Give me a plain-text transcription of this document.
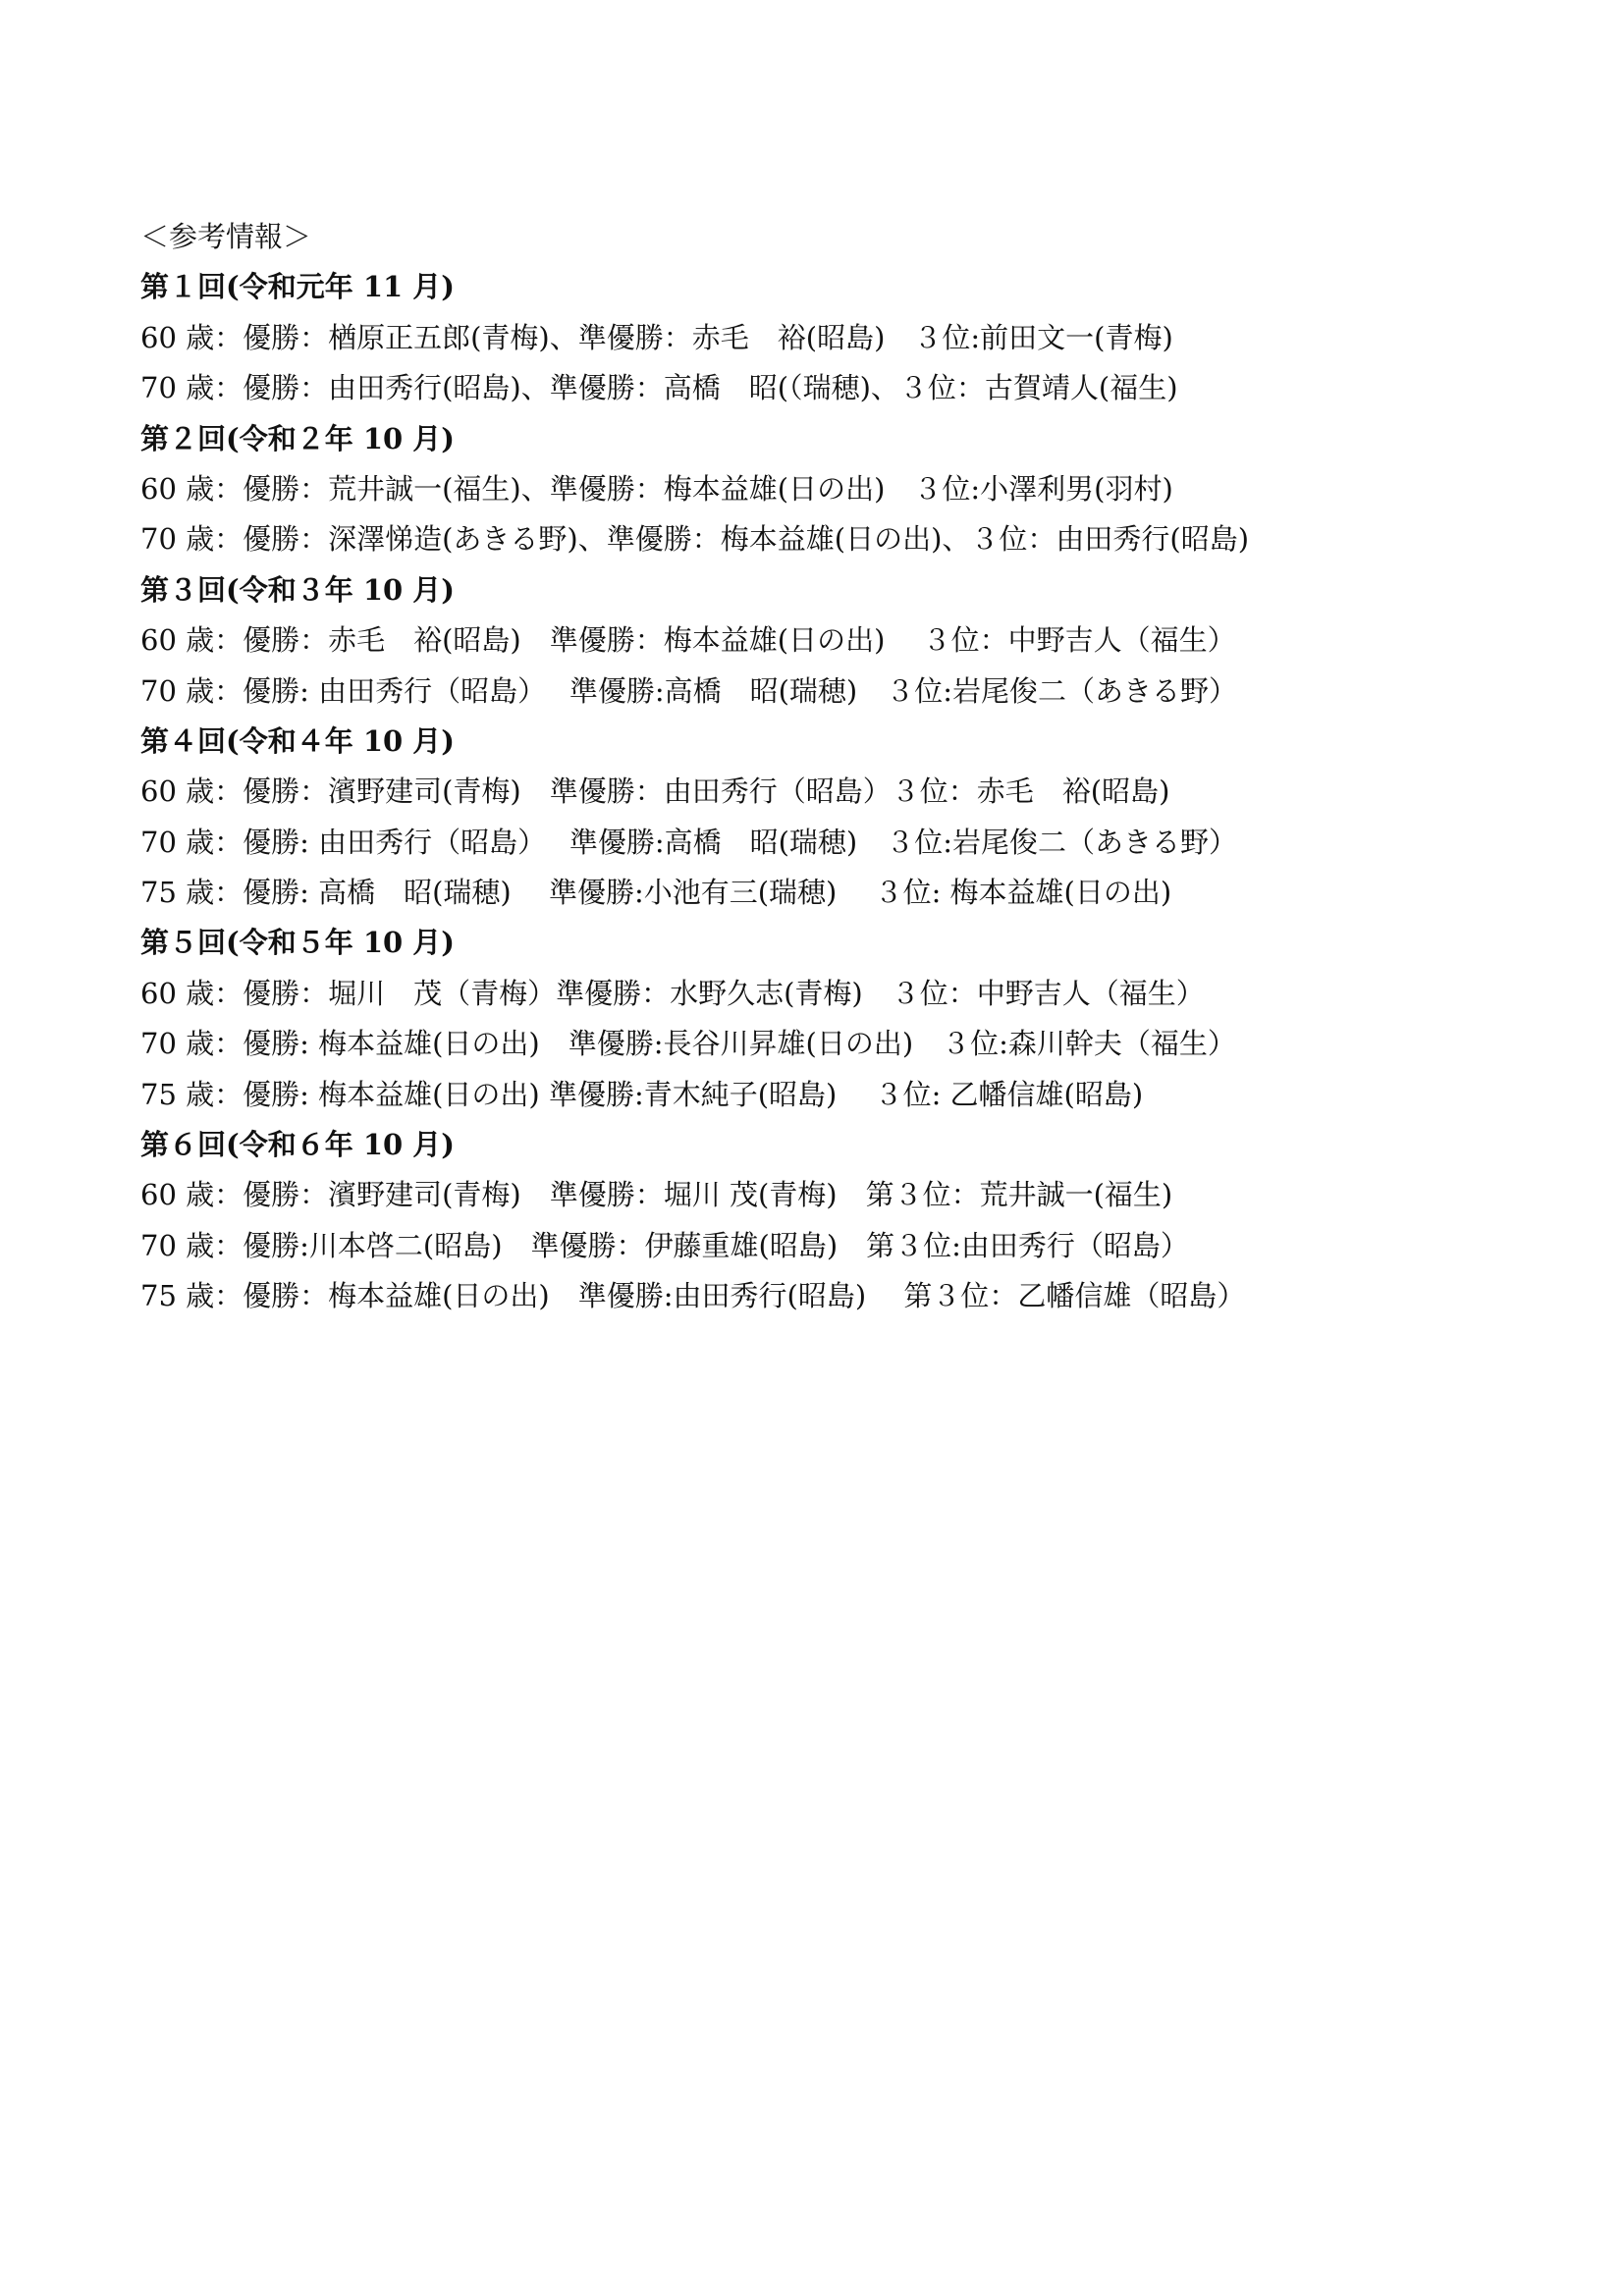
＜参考情報＞
第１回(令和元年 11 月)
60 歳：優勝：楢原正五郎(青梅)、準優勝：赤毛　裕(昭島)　３位:前田文一(青梅)
70 歳：優勝：由田秀行(昭島)、準優勝：高橋　昭(（瑞穂)、３位：古賀靖人(福生)
第２回(令和２年 10 月)
60 歳：優勝：荒井誠一(福生)、準優勝：梅本益雄(日の出)　３位:小澤利男(羽村)
70 歳：優勝：深澤悌造(あきる野)、準優勝：梅本益雄(日の出)、３位：由田秀行(昭島)
第３回(令和３年 10 月)
60 歳：優勝：赤毛　裕(昭島)　準優勝：梅本益雄(日の出)　 ３位：中野吉人（福生）
70 歳：優勝: 由田秀行（昭島）　 準優勝:高橋　昭(瑞穂)　３位:岩尾俊二（あきる野）
第４回(令和４年 10 月)
60 歳：優勝：濱野建司(青梅)　準優勝：由田秀行（昭島）３位：赤毛　裕(昭島)
70 歳：優勝: 由田秀行（昭島）　 準優勝:高橋　昭(瑞穂)　３位:岩尾俊二（あきる野）
75 歳：優勝: 高橋　昭(瑞穂)　 準優勝:小池有三(瑞穂)　 ３位: 梅本益雄(日の出)
第５回(令和５年 10 月)
60 歳：優勝：堀川　茂（青梅）準優勝：水野久志(青梅)　３位：中野吉人（福生）
70 歳：優勝: 梅本益雄(日の出)　準優勝:長谷川昇雄(日の出)　３位:森川幹夫（福生）
75 歳：優勝: 梅本益雄(日の出) 準優勝:青木純子(昭島)　 ３位: 乙幡信雄(昭島)
第６回(令和６年 10 月)
60 歳：優勝：濱野建司(青梅)　準優勝：堀川 茂(青梅)　第３位：荒井誠一(福生)
70 歳：優勝:川本啓二(昭島)　準優勝：伊藤重雄(昭島)　第３位:由田秀行（昭島）
75 歳：優勝：梅本益雄(日の出)　準優勝:由田秀行(昭島)　 第３位：乙幡信雄（昭島）
